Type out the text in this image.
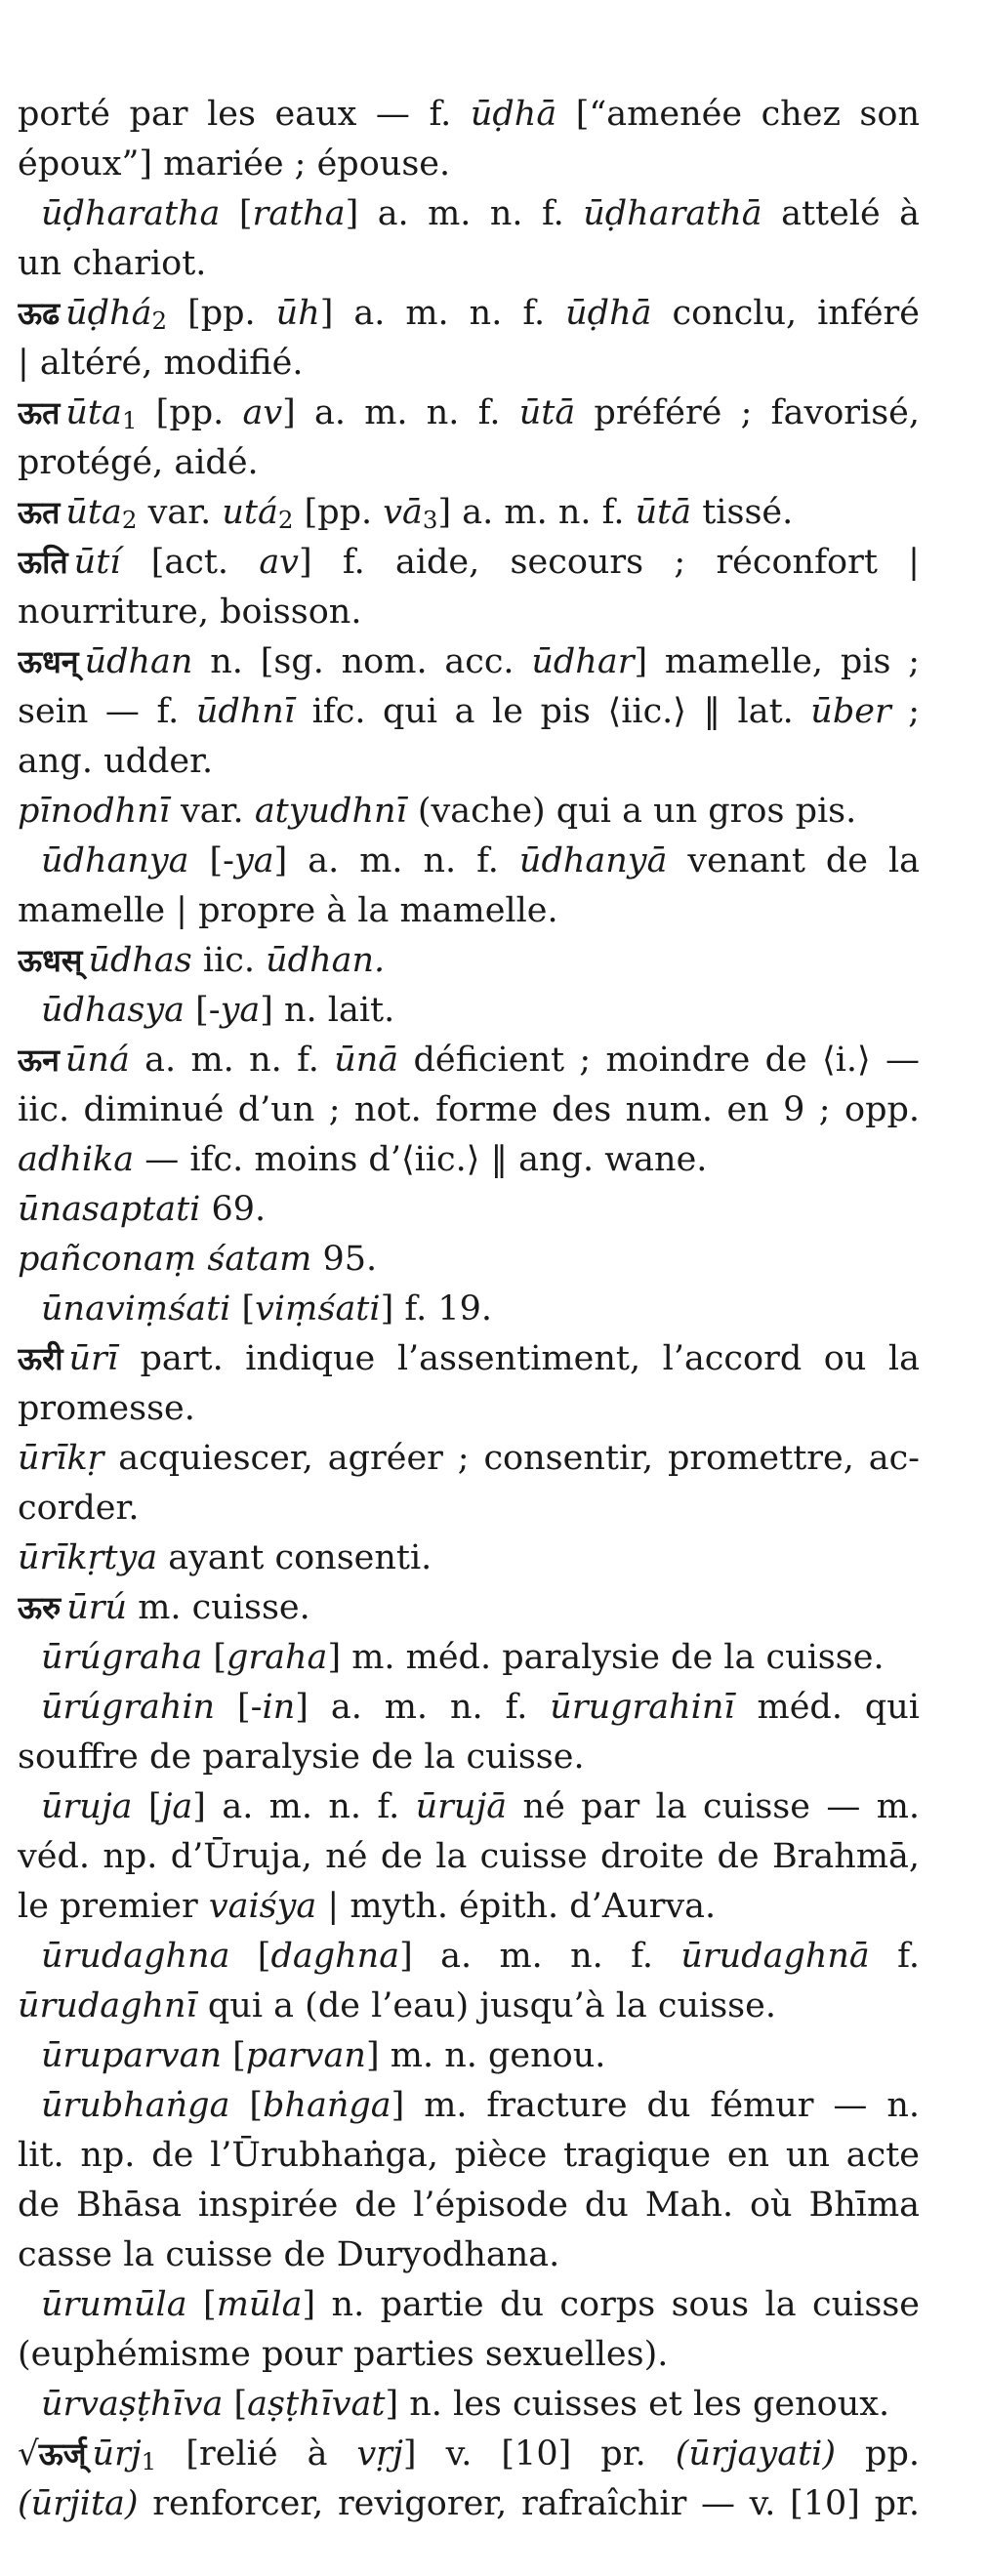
porté par les eaux — f. ūḍhā [“amenée chez son
époux”] mariée ; épouse.
ūḍharatha [ratha] a. m. n. f. ūḍharathā attelé à
un chariot.
ऊढ ūḍhá$_2$ [pp. ūh] a. m. n. f. ūḍhā conclu, inféré
| altéré, modifié.
ऊत ūta$_1$ [pp. av] a. m. n. f. ūtā préféré ; favorisé,
protégé, aidé.
ऊत ūta$_2$ var. utá$_2$ [pp. $vā_3$] a. m. n. f. ūtā tissé.
ऊति ūtí [act. av] f. aide, secours ; réconfort |
nourriture, boisson.
ऊधन् ūdhan n. [sg. nom. acc. ūdhar] mamelle, pis ;
sein — f. ūdhnī ifc. qui a le pis ⟨iic.⟩ ‖ lat. ūber ;
ang. udder.
pīnodhnī var. atyudhnī (vache) qui a un gros pis.
ūdhanya [-ya] a. m. n. f. ūdhanyā venant de la
mamelle | propre à la mamelle.
ऊधस् ūdhas iic. ūdhan.
ūdhasya [-ya] n. lait.
ऊन ūná a. m. n. f. ūnā déficient ; moindre de ⟨i.⟩ —
iic. diminué d’un ; not. forme des num. en 9 ; opp.
adhika — ifc. moins d’⟨iic.⟩ ‖ ang. wane.
ūnasaptati 69.
pañconaṃ śatam 95.
ūnaviṃśati [viṃśati] f. 19.
ऊरी ūrī part. indique l’assentiment, l’accord ou la
promesse.
ūrīkṛ acquiescer, agréer ; consentir, promettre, ac-
corder.
ūrīkṛtya ayant consenti.
ऊरु ūrú m. cuisse.
ūrúgraha [graha] m. méd. paralysie de la cuisse.
ūrúgrahin [-in] a. m. n. f. ūrugrahinī méd. qui
souffre de paralysie de la cuisse.
ūruja [ja] a. m. n. f. ūrujā né par la cuisse — m.
véd. np. d’Ūruja, né de la cuisse droite de Brahmā,
le premier vaiśya | myth. épith. d’Aurva.
ūrudaghna [daghna] a. m. n. f. ūrudaghnā f.
ūrudaghnī qui a (de l’eau) jusqu’à la cuisse.
ūruparvan [parvan] m. n. genou.
ūrubhaṅga [bhaṅga] m. fracture du fémur — n.
lit. np. de l’Ūrubhaṅga, pièce tragique en un acte
de Bhāsa inspirée de l’épisode du Mah. où Bhīma
casse la cuisse de Duryodhana.
ūrumūla [mūla] n. partie du corps sous la cuisse
(euphémisme pour parties sexuelles).
ūrvaṣṭhīva [aṣṭhīvat] n. les cuisses et les genoux.
√ऊर्ज् ūrj$_1$ [relié à vṛj] v. [10] pr. (ūrjayati) pp.
(ūrjita) renforcer, revigorer, rafraîchir — v. [10] pr.
